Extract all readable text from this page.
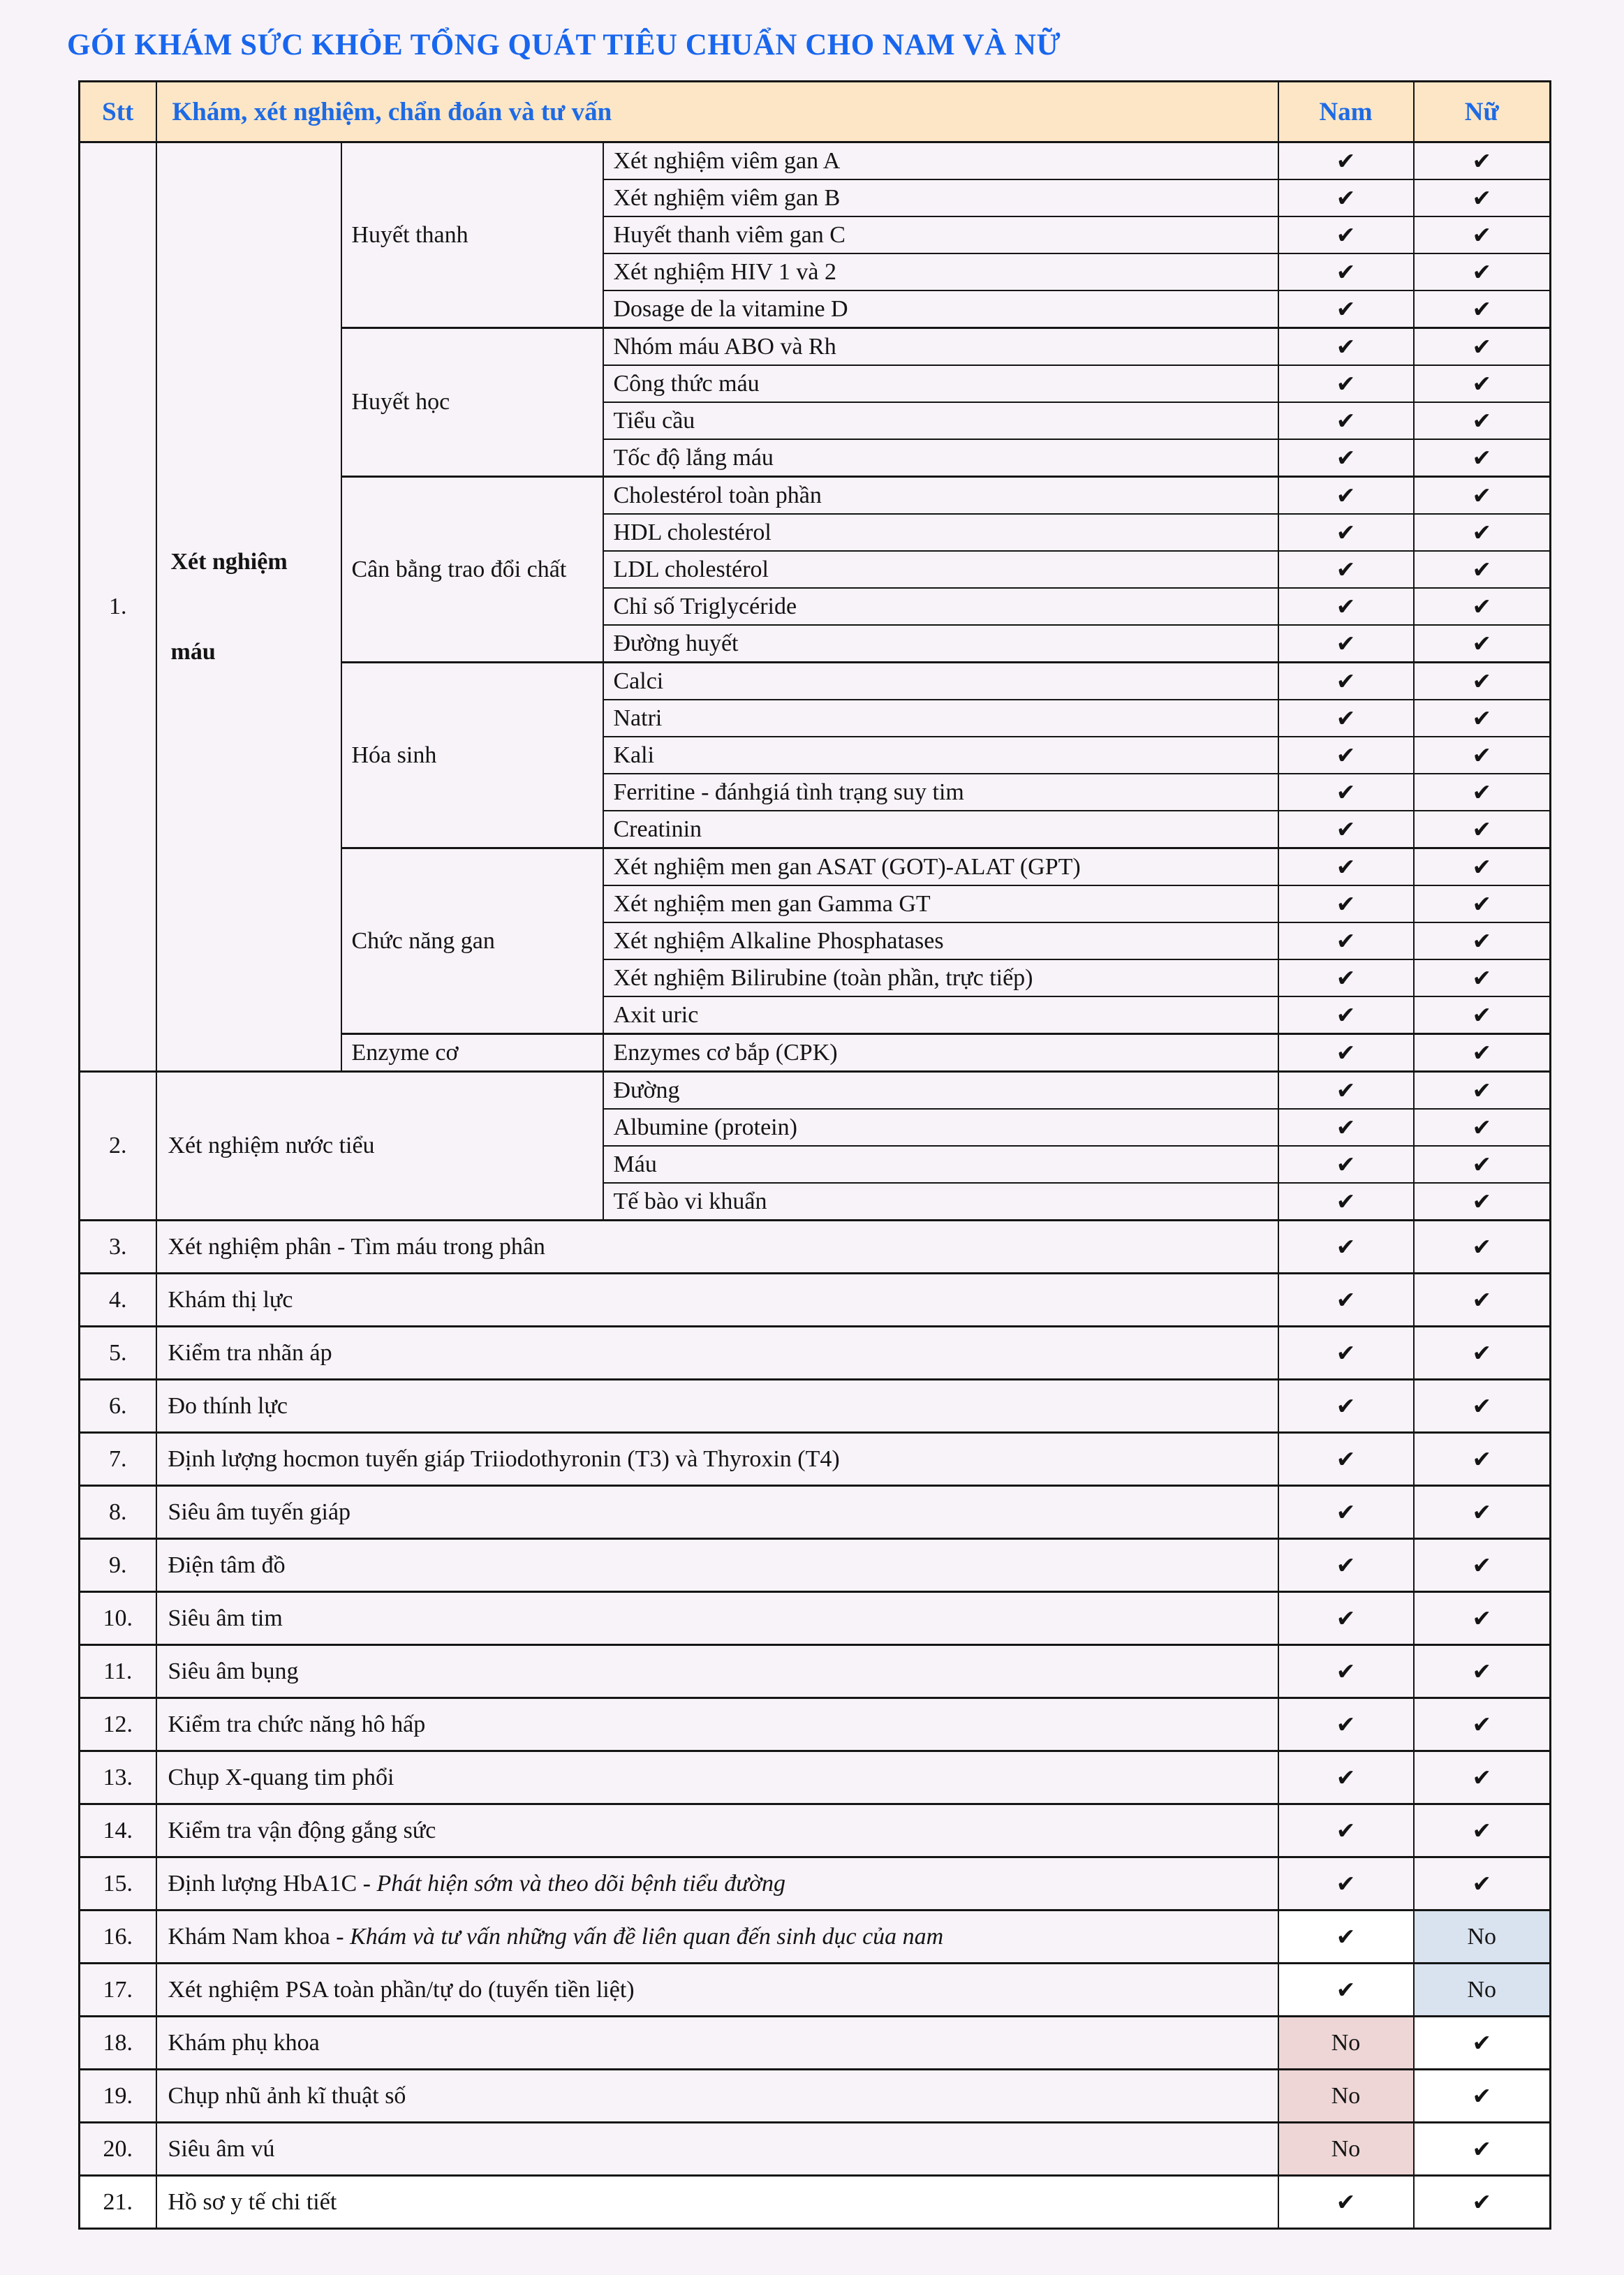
GÓI KHÁM SỨC KHỎE TỔNG QUÁT TIÊU CHUẨN CHO NAM VÀ NỮ
Stt	Khám, xét nghiệm, chẩn đoán và tư vấn			Nam	Nữ
1.	Xét nghiệm máu	Huyết thanh	Xét nghiệm viêm gan A	✔	✔
			Xét nghiệm viêm gan B	✔	✔
			Huyết thanh viêm gan C	✔	✔
			Xét nghiệm HIV 1 và 2	✔	✔
			Dosage de la vitamine D	✔	✔
		Huyết học	Nhóm máu ABO và Rh	✔	✔
			Công thức máu	✔	✔
			Tiểu cầu	✔	✔
			Tốc độ lắng máu	✔	✔
		Cân bằng trao đổi chất	Cholestérol toàn phần	✔	✔
			HDL cholestérol	✔	✔
			LDL cholestérol	✔	✔
			Chỉ số Triglycéride	✔	✔
			Đường huyết	✔	✔
		Hóa sinh	Calci	✔	✔
			Natri	✔	✔
			Kali	✔	✔
			Ferritine - đánhgiá tình trạng suy tim	✔	✔
			Creatinin	✔	✔
		Chức năng gan	Xét nghiệm men gan ASAT (GOT)-ALAT (GPT)	✔	✔
			Xét nghiệm men gan Gamma GT	✔	✔
			Xét nghiệm Alkaline Phosphatases	✔	✔
			Xét nghiệm Bilirubine (toàn phần, trực tiếp)	✔	✔
			Axit uric	✔	✔
		Enzyme cơ	Enzymes cơ bắp (CPK)	✔	✔
2.	Xét nghiệm nước tiểu		Đường	✔	✔
			Albumine (protein)	✔	✔
			Máu	✔	✔
			Tế bào vi khuẩn	✔	✔
3.	Xét nghiệm phân - Tìm máu trong phân			✔	✔
4.	Khám thị lực			✔	✔
5.	Kiểm tra nhãn áp			✔	✔
6.	Đo thính lực			✔	✔
7.	Định lượng hocmon tuyến giáp Triiodothyronin (T3) và Thyroxin (T4)			✔	✔
8.	Siêu âm tuyến giáp			✔	✔
9.	Điện tâm đồ			✔	✔
10.	Siêu âm tim			✔	✔
11.	Siêu âm bụng			✔	✔
12.	Kiểm tra chức năng hô hấp			✔	✔
13.	Chụp X-quang tim phổi			✔	✔
14.	Kiểm tra vận động gắng sức			✔	✔
15.	Định lượng HbA1C - Phát hiện sớm và theo dõi bệnh tiểu đường			✔	✔
16.	Khám Nam khoa - Khám và tư vấn những vấn đề liên quan đến sinh dục của nam			✔	No
17.	Xét nghiệm PSA toàn phần/tự do (tuyến tiền liệt)			✔	No
18.	Khám phụ khoa			No	✔
19.	Chụp nhũ ảnh kĩ thuật số			No	✔
20.	Siêu âm vú			No	✔
21.	Hồ sơ y tế chi tiết			✔	✔
